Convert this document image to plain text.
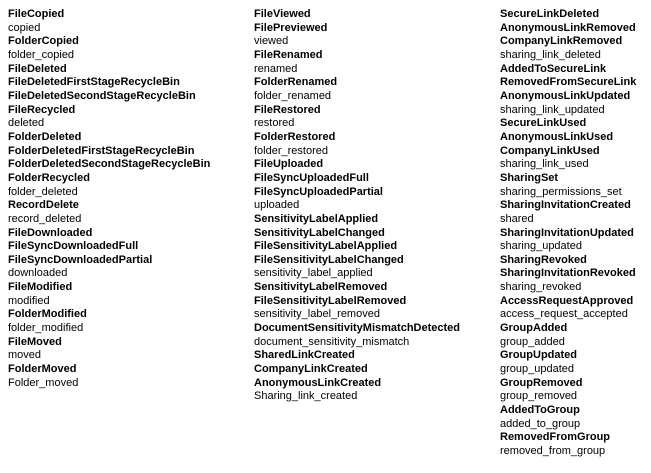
FileCopied
copied
FolderCopied
folder_copied
FileDeleted
FileDeletedFirstStageRecycleBin
FileDeletedSecondStageRecycleBin
FileRecycled
deleted
FolderDeleted
FolderDeletedFirstStageRecycleBin
FolderDeletedSecondStageRecycleBin
FolderRecycled
folder_deleted
RecordDelete
record_deleted
FileDownloaded
FileSyncDownloadedFull
FileSyncDownloadedPartial
downloaded
FileModified
modified
FolderModified
folder_modified
FileMoved
moved
FolderMoved
Folder_moved
FileViewed
FilePreviewed
viewed
FileRenamed
renamed
FolderRenamed
folder_renamed
FileRestored
restored
FolderRestored
folder_restored
FileUploaded
FileSyncUploadedFull
FileSyncUploadedPartial
uploaded
SensitivityLabelApplied
SensitivityLabelChanged
FileSensitivityLabelApplied
FileSensitivityLabelChanged
sensitivity_label_applied
SensitivityLabelRemoved
FileSensitivityLabelRemoved
sensitivity_label_removed
DocumentSensitivityMismatchDetected
document_sensitivity_mismatch
SharedLinkCreated
CompanyLinkCreated
AnonymousLinkCreated
Sharing_link_created
SecureLinkDeleted
AnonymousLinkRemoved
CompanyLinkRemoved
sharing_link_deleted
AddedToSecureLink
RemovedFromSecureLink
AnonymousLinkUpdated
sharing_link_updated
SecureLinkUsed
AnonymousLinkUsed
CompanyLinkUsed
sharing_link_used
SharingSet
sharing_permissions_set
SharingInvitationCreated
shared
SharingInvitationUpdated
sharing_updated
SharingRevoked
SharingInvitationRevoked
sharing_revoked
AccessRequestApproved
access_request_accepted
GroupAdded
group_added
GroupUpdated
group_updated
GroupRemoved
group_removed
AddedToGroup
added_to_group
RemovedFromGroup
removed_from_group
